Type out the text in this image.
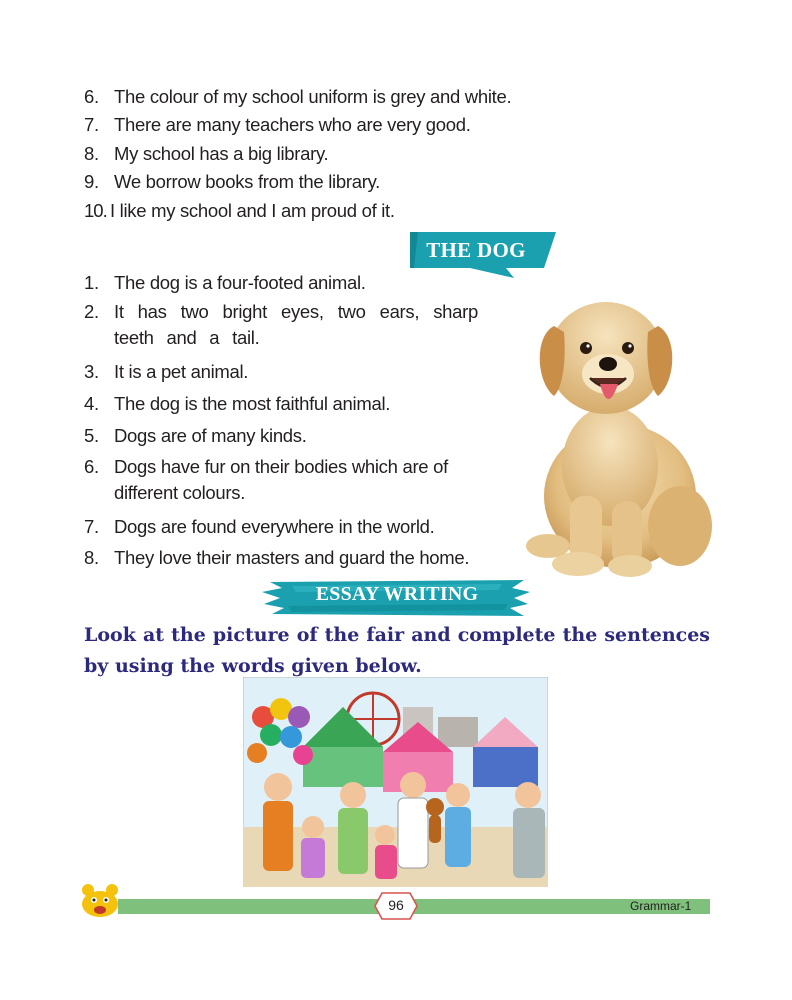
6. The colour of my school uniform is grey and white.
7. There are many teachers who are very good.
8. My school has a big library.
9. We borrow books from the library.
10. I like my school and I am proud of it.
THE DOG
1. The dog is a four-footed animal.
2. It has two bright eyes, two ears, sharp teeth and a tail.
3. It is a pet animal.
4. The dog is the most faithful animal.
5. Dogs are of many kinds.
6. Dogs have fur on their bodies which are of different colours.
7. Dogs are found everywhere in the world.
8. They love their masters and guard the home.
ESSAY WRITING
Look at the picture of the fair and complete the sentences by using the words given below.
96	Grammar-1
